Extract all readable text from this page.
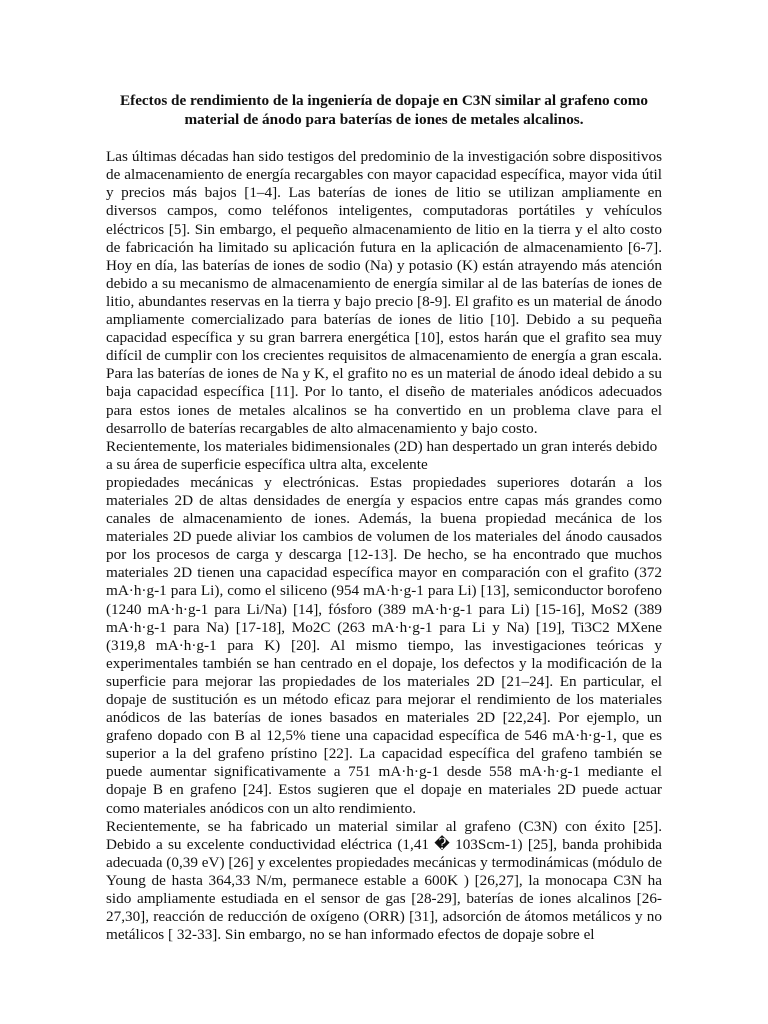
Efectos de rendimiento de la ingeniería de dopaje en C3N similar al grafeno como material de ánodo para baterías de iones de metales alcalinos.

Las últimas décadas han sido testigos del predominio de la investigación sobre dispositivos de almacenamiento de energía recargables con mayor capacidad específica, mayor vida útil y precios más bajos [1–4]. Las baterías de iones de litio se utilizan ampliamente en diversos campos, como teléfonos inteligentes, computadoras portátiles y vehículos eléctricos [5]. Sin embargo, el pequeño almacenamiento de litio en la tierra y el alto costo de fabricación ha limitado su aplicación futura en la aplicación de almacenamiento [6-7]. Hoy en día, las baterías de iones de sodio (Na) y potasio (K) están atrayendo más atención debido a su mecanismo de almacenamiento de energía similar al de las baterías de iones de litio, abundantes reservas en la tierra y bajo precio [8-9]. El grafito es un material de ánodo ampliamente comercializado para baterías de iones de litio [10]. Debido a su pequeña capacidad específica y su gran barrera energética [10], estos harán que el grafito sea muy difícil de cumplir con los crecientes requisitos de almacenamiento de energía a gran escala. Para las baterías de iones de Na y K, el grafito no es un material de ánodo ideal debido a su baja capacidad específica [11]. Por lo tanto, el diseño de materiales anódicos adecuados para estos iones de metales alcalinos se ha convertido en un problema clave para el desarrollo de baterías recargables de alto almacenamiento y bajo costo.

Recientemente, los materiales bidimensionales (2D) han despertado un gran interés debido a su área de superficie específica ultra alta, excelente

propiedades mecánicas y electrónicas. Estas propiedades superiores dotarán a los materiales 2D de altas densidades de energía y espacios entre capas más grandes como canales de almacenamiento de iones. Además, la buena propiedad mecánica de los materiales 2D puede aliviar los cambios de volumen de los materiales del ánodo causados por los procesos de carga y descarga [12-13]. De hecho, se ha encontrado que muchos materiales 2D tienen una capacidad específica mayor en comparación con el grafito (372 mA·h·g-1 para Li), como el siliceno (954 mA·h·g-1 para Li) [13], semiconductor borofeno (1240 mA·h·g-1 para Li/Na) [14], fósforo (389 mA·h·g-1 para Li) [15-16], MoS2 (389 mA·h·g-1 para Na) [17-18], Mo2C (263 mA·h·g-1 para Li y Na) [19], Ti3C2 MXene (319,8 mA·h·g-1 para K) [20]. Al mismo tiempo, las investigaciones teóricas y experimentales también se han centrado en el dopaje, los defectos y la modificación de la superficie para mejorar las propiedades de los materiales 2D [21–24]. En particular, el dopaje de sustitución es un método eficaz para mejorar el rendimiento de los materiales anódicos de las baterías de iones basados en materiales 2D [22,24]. Por ejemplo, un grafeno dopado con B al 12,5% tiene una capacidad específica de 546 mA·h·g-1, que es superior a la del grafeno prístino [22]. La capacidad específica del grafeno también se puede aumentar significativamente a 751 mA·h·g-1 desde 558 mA·h·g-1 mediante el dopaje B en grafeno [24]. Estos sugieren que el dopaje en materiales 2D puede actuar como materiales anódicos con un alto rendimiento.

Recientemente, se ha fabricado un material similar al grafeno (C3N) con éxito [25]. Debido a su excelente conductividad eléctrica (1,41 � 103Scm-1) [25], banda prohibida adecuada (0,39 eV) [26] y excelentes propiedades mecánicas y termodinámicas (módulo de Young de hasta 364,33 N/m, permanece estable a 600K ) [26,27], la monocapa C3N ha sido ampliamente estudiada en el sensor de gas [28-29], baterías de iones alcalinos [26-27,30], reacción de reducción de oxígeno (ORR) [31], adsorción de átomos metálicos y no metálicos [ 32-33]. Sin embargo, no se han informado efectos de dopaje sobre el
